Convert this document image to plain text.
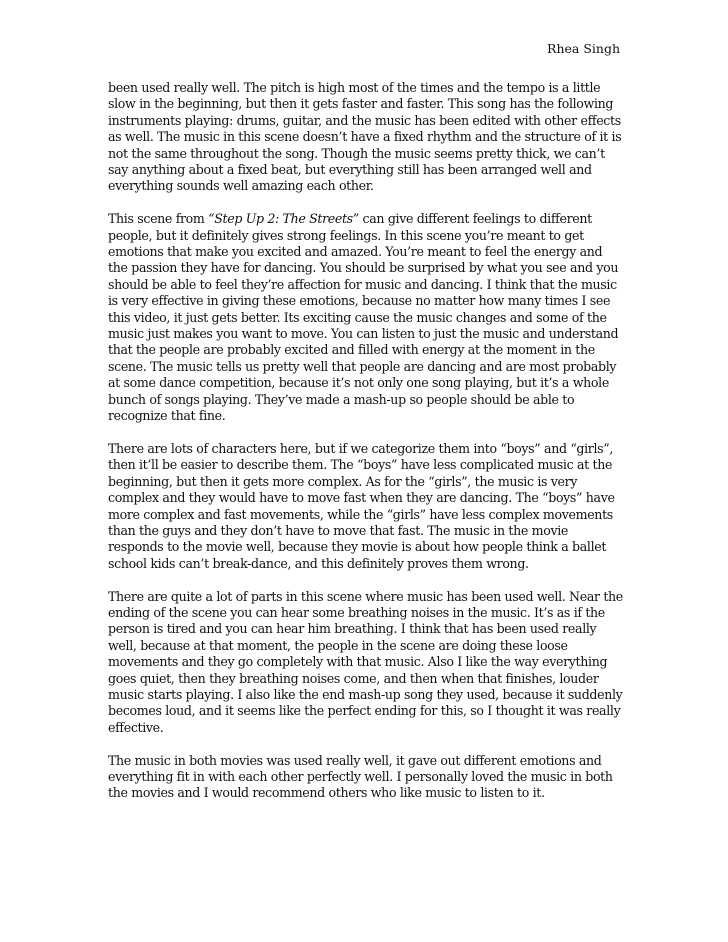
Rhea Singh
been used really well. The pitch is high most of the times and the tempo is a little
slow in the beginning, but then it gets faster and faster. This song has the following
instruments playing: drums, guitar, and the music has been edited with other effects
as well. The music in this scene doesn’t have a fixed rhythm and the structure of it is
not the same throughout the song. Though the music seems pretty thick, we can’t
say anything about a fixed beat, but everything still has been arranged well and
everything sounds well amazing each other.
This scene from “Step Up 2: The Streets” can give different feelings to different
people, but it definitely gives strong feelings. In this scene you’re meant to get
emotions that make you excited and amazed. You’re meant to feel the energy and
the passion they have for dancing. You should be surprised by what you see and you
should be able to feel they’re affection for music and dancing. I think that the music
is very effective in giving these emotions, because no matter how many times I see
this video, it just gets better. Its exciting cause the music changes and some of the
music just makes you want to move. You can listen to just the music and understand
that the people are probably excited and filled with energy at the moment in the
scene. The music tells us pretty well that people are dancing and are most probably
at some dance competition, because it’s not only one song playing, but it’s a whole
bunch of songs playing. They’ve made a mash-up so people should be able to
recognize that fine.
There are lots of characters here, but if we categorize them into “boys” and “girls”,
then it’ll be easier to describe them. The “boys” have less complicated music at the
beginning, but then it gets more complex. As for the “girls”, the music is very
complex and they would have to move fast when they are dancing. The “boys” have
more complex and fast movements, while the “girls” have less complex movements
than the guys and they don’t have to move that fast. The music in the movie
responds to the movie well, because they movie is about how people think a ballet
school kids can’t break-dance, and this definitely proves them wrong.
There are quite a lot of parts in this scene where music has been used well. Near the
ending of the scene you can hear some breathing noises in the music. It’s as if the
person is tired and you can hear him breathing. I think that has been used really
well, because at that moment, the people in the scene are doing these loose
movements and they go completely with that music. Also I like the way everything
goes quiet, then they breathing noises come, and then when that finishes, louder
music starts playing. I also like the end mash-up song they used, because it suddenly
becomes loud, and it seems like the perfect ending for this, so I thought it was really
effective.
The music in both movies was used really well, it gave out different emotions and
everything fit in with each other perfectly well. I personally loved the music in both
the movies and I would recommend others who like music to listen to it.
